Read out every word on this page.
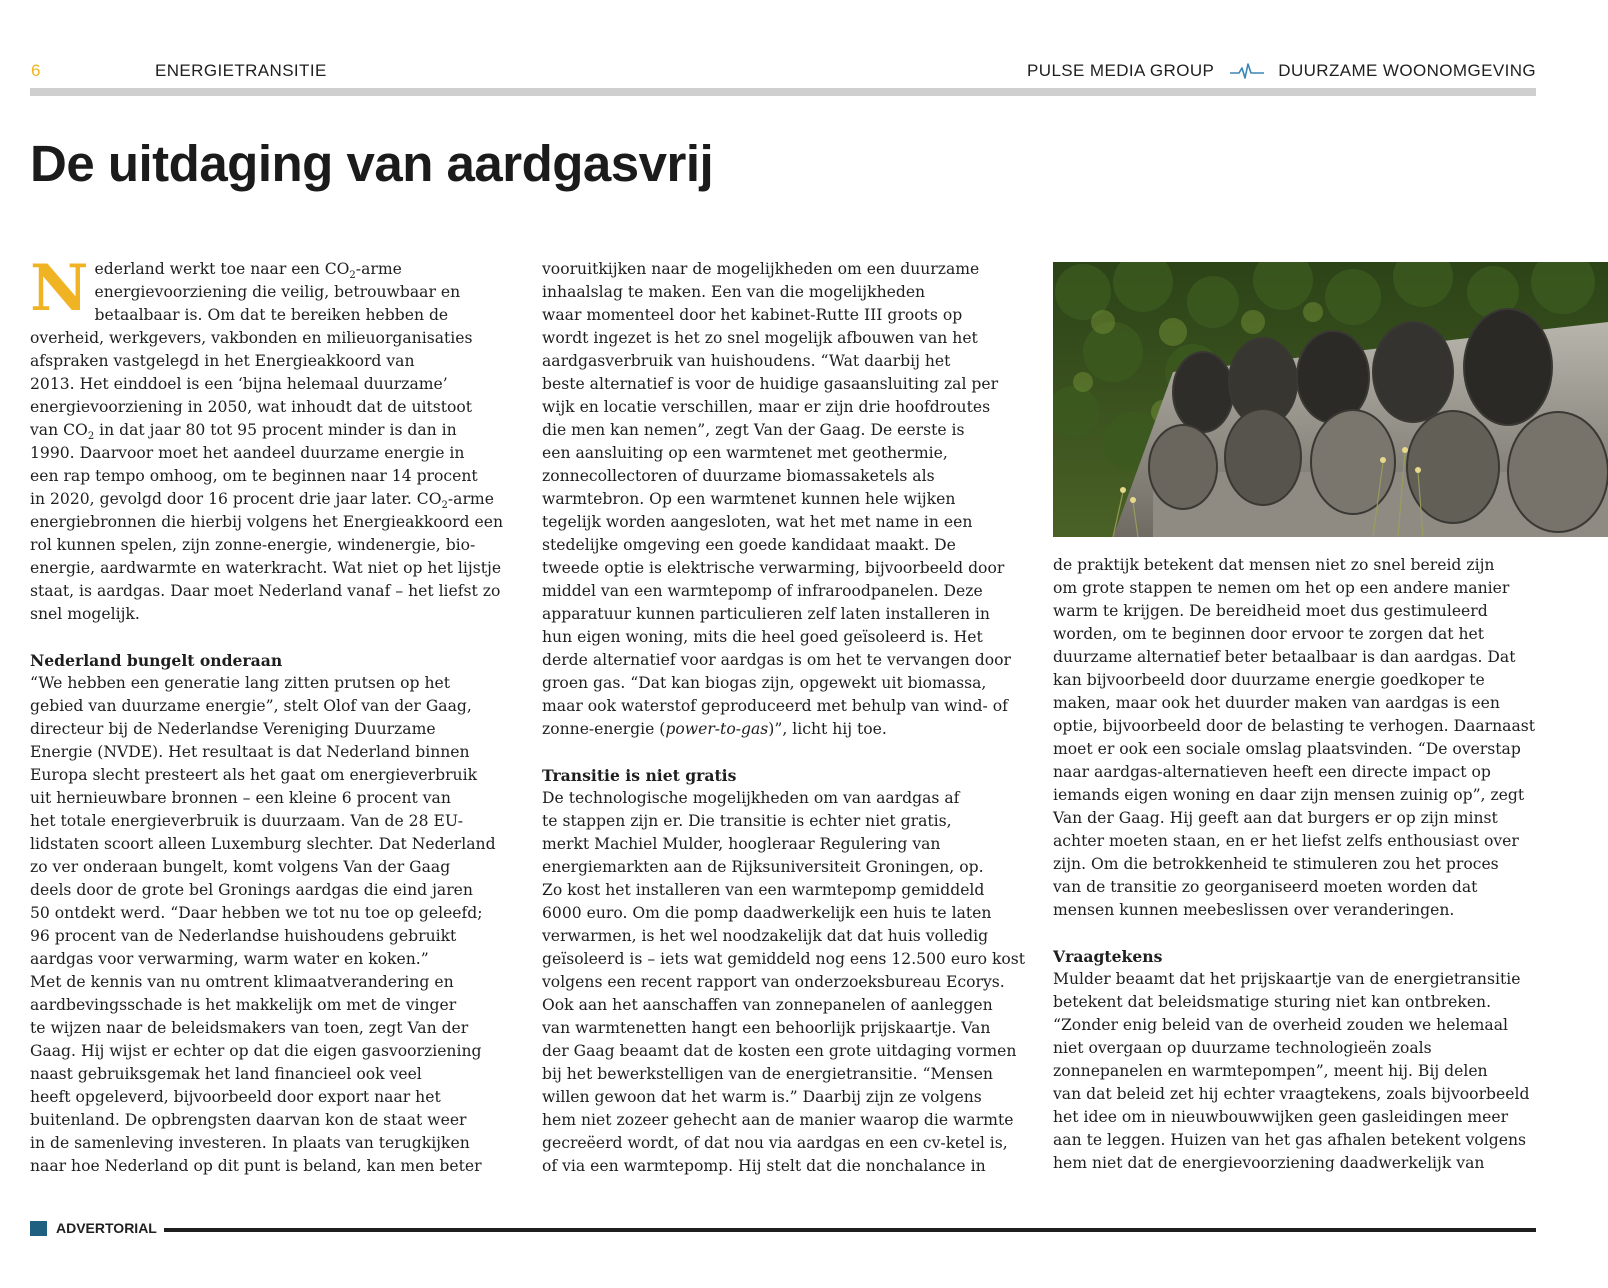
6	ENERGIETRANSITIE	PULSE MEDIA GROUP	DUURZAME WOONOMGEVING
De uitdaging van aardgasvrij
N ederland werkt toe naar een $CO_2$-arme
energievoorziening die veilig, betrouwbaar en
betaalbaar is. Om dat te bereiken hebben de
overheid, werkgevers, vakbonden en milieuorganisaties
afspraken vastgelegd in het Energieakkoord van
2013. Het einddoel is een ‘bijna helemaal duurzame’
energievoorziening in 2050, wat inhoudt dat de uitstoot
van $CO_2$ in dat jaar 80 tot 95 procent minder is dan in
1990. Daarvoor moet het aandeel duurzame energie in
een rap tempo omhoog, om te beginnen naar 14 procent
in 2020, gevolgd door 16 procent drie jaar later. $CO_2$-arme
energiebronnen die hierbij volgens het Energieakkoord een
rol kunnen spelen, zijn zonne-energie, windenergie, bio-
energie, aardwarmte en waterkracht. Wat niet op het lijstje
staat, is aardgas. Daar moet Nederland vanaf – het liefst zo
snel mogelijk.
Nederland bungelt onderaan
“We hebben een generatie lang zitten prutsen op het
gebied van duurzame energie”, stelt Olof van der Gaag,
directeur bij de Nederlandse Vereniging Duurzame
Energie (NVDE). Het resultaat is dat Nederland binnen
Europa slecht presteert als het gaat om energieverbruik
uit hernieuwbare bronnen – een kleine 6 procent van
het totale energieverbruik is duurzaam. Van de 28 EU-
lidstaten scoort alleen Luxemburg slechter. Dat Nederland
zo ver onderaan bungelt, komt volgens Van der Gaag
deels door de grote bel Gronings aardgas die eind jaren
50 ontdekt werd. “Daar hebben we tot nu toe op geleefd;
96 procent van de Nederlandse huishoudens gebruikt
aardgas voor verwarming, warm water en koken.”
Met de kennis van nu omtrent klimaatverandering en
aardbevingsschade is het makkelijk om met de vinger
te wijzen naar de beleidsmakers van toen, zegt Van der
Gaag. Hij wijst er echter op dat die eigen gasvoorziening
naast gebruiksgemak het land financieel ook veel
heeft opgeleverd, bijvoorbeeld door export naar het
buitenland. De opbrengsten daarvan kon de staat weer
in de samenleving investeren. In plaats van terugkijken
naar hoe Nederland op dit punt is beland, kan men beter
vooruitkijken naar de mogelijkheden om een duurzame
inhaalslag te maken. Een van die mogelijkheden
waar momenteel door het kabinet-Rutte III groots op
wordt ingezet is het zo snel mogelijk afbouwen van het
aardgasverbruik van huishoudens. “Wat daarbij het
beste alternatief is voor de huidige gasaansluiting zal per
wijk en locatie verschillen, maar er zijn drie hoofdroutes
die men kan nemen”, zegt Van der Gaag. De eerste is
een aansluiting op een warmtenet met geothermie,
zonnecollectoren of duurzame biomassaketels als
warmtebron. Op een warmtenet kunnen hele wijken
tegelijk worden aangesloten, wat het met name in een
stedelijke omgeving een goede kandidaat maakt. De
tweede optie is elektrische verwarming, bijvoorbeeld door
middel van een warmtepomp of infraroodpanelen. Deze
apparatuur kunnen particulieren zelf laten installeren in
hun eigen woning, mits die heel goed geïsoleerd is. Het
derde alternatief voor aardgas is om het te vervangen door
groen gas. “Dat kan biogas zijn, opgewekt uit biomassa,
maar ook waterstof geproduceerd met behulp van wind- of
zonne-energie (power-to-gas)”, licht hij toe.
Transitie is niet gratis
De technologische mogelijkheden om van aardgas af
te stappen zijn er. Die transitie is echter niet gratis,
merkt Machiel Mulder, hoogleraar Regulering van
energiemarkten aan de Rijksuniversiteit Groningen, op.
Zo kost het installeren van een warmtepomp gemiddeld
6000 euro. Om die pomp daadwerkelijk een huis te laten
verwarmen, is het wel noodzakelijk dat dat huis volledig
geïsoleerd is – iets wat gemiddeld nog eens 12.500 euro kost
volgens een recent rapport van onderzoeksbureau Ecorys.
Ook aan het aanschaffen van zonnepanelen of aanleggen
van warmtenetten hangt een behoorlijk prijskaartje. Van
der Gaag beaamt dat de kosten een grote uitdaging vormen
bij het bewerkstelligen van de energietransitie. “Mensen
willen gewoon dat het warm is.” Daarbij zijn ze volgens
hem niet zozeer gehecht aan de manier waarop die warmte
gecreëerd wordt, of dat nou via aardgas en een cv-ketel is,
of via een warmtepomp. Hij stelt dat die nonchalance in
de praktijk betekent dat mensen niet zo snel bereid zijn
om grote stappen te nemen om het op een andere manier
warm te krijgen. De bereidheid moet dus gestimuleerd
worden, om te beginnen door ervoor te zorgen dat het
duurzame alternatief beter betaalbaar is dan aardgas. Dat
kan bijvoorbeeld door duurzame energie goedkoper te
maken, maar ook het duurder maken van aardgas is een
optie, bijvoorbeeld door de belasting te verhogen. Daarnaast
moet er ook een sociale omslag plaatsvinden. “De overstap
naar aardgas-alternatieven heeft een directe impact op
iemands eigen woning en daar zijn mensen zuinig op”, zegt
Van der Gaag. Hij geeft aan dat burgers er op zijn minst
achter moeten staan, en er het liefst zelfs enthousiast over
zijn. Om die betrokkenheid te stimuleren zou het proces
van de transitie zo georganiseerd moeten worden dat
mensen kunnen meebeslissen over veranderingen.
Vraagtekens
Mulder beaamt dat het prijskaartje van de energietransitie
betekent dat beleidsmatige sturing niet kan ontbreken.
“Zonder enig beleid van de overheid zouden we helemaal
niet overgaan op duurzame technologieën zoals
zonnepanelen en warmtepompen”, meent hij. Bij delen
van dat beleid zet hij echter vraagtekens, zoals bijvoorbeeld
het idee om in nieuwbouwwijken geen gasleidingen meer
aan te leggen. Huizen van het gas afhalen betekent volgens
hem niet dat de energievoorziening daadwerkelijk van
ADVERTORIAL
